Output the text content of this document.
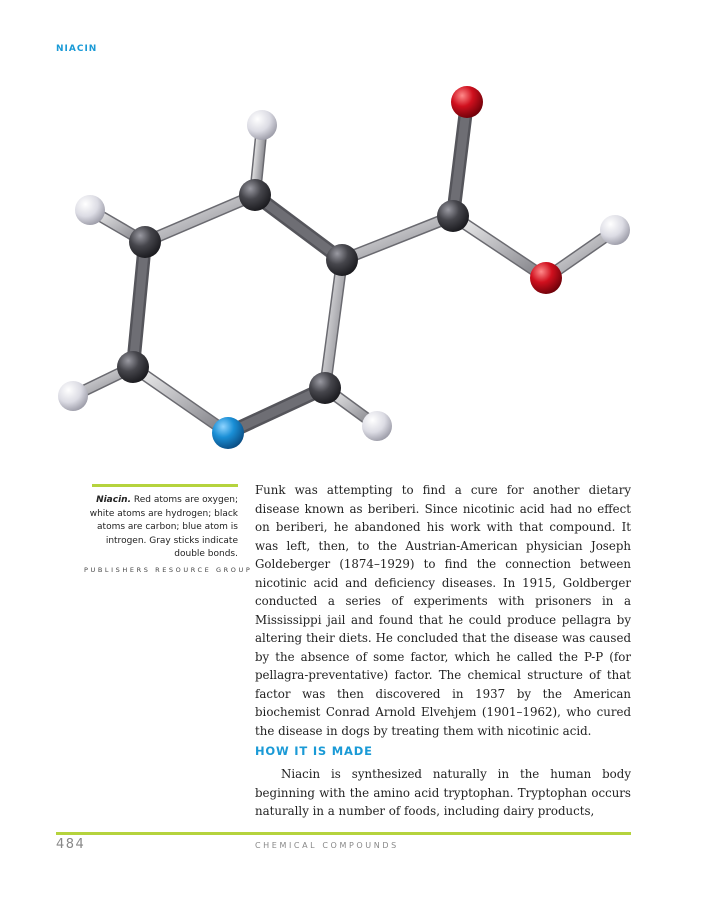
NIACIN
Niacin. Red atoms are oxygen; white atoms are hydrogen; black atoms are carbon; blue atom is introgen. Gray sticks indicate double bonds.
PUBLISHERS RESOURCE GROUP
Funk was attempting to find a cure for another dietary disease known as beriberi. Since nicotinic acid had no effect on beriberi, he abandoned his work with that compound. It was left, then, to the Austrian-American physician Joseph Goldeberger (1874–1929) to find the connection between nicotinic acid and deficiency diseases. In 1915, Goldberger conducted a series of experiments with prisoners in a Mississippi jail and found that he could produce pellagra by altering their diets. He concluded that the disease was caused by the absence of some factor, which he called the P-P (for pellagra-preventative) factor. The chemical structure of that factor was then discovered in 1937 by the American biochemist Conrad Arnold Elvehjem (1901–1962), who cured the disease in dogs by treating them with nicotinic acid.
HOW IT IS MADE
Niacin is synthesized naturally in the human body beginning with the amino acid tryptophan. Tryptophan occurs naturally in a number of foods, including dairy products,
484	CHEMICAL COMPOUNDS
